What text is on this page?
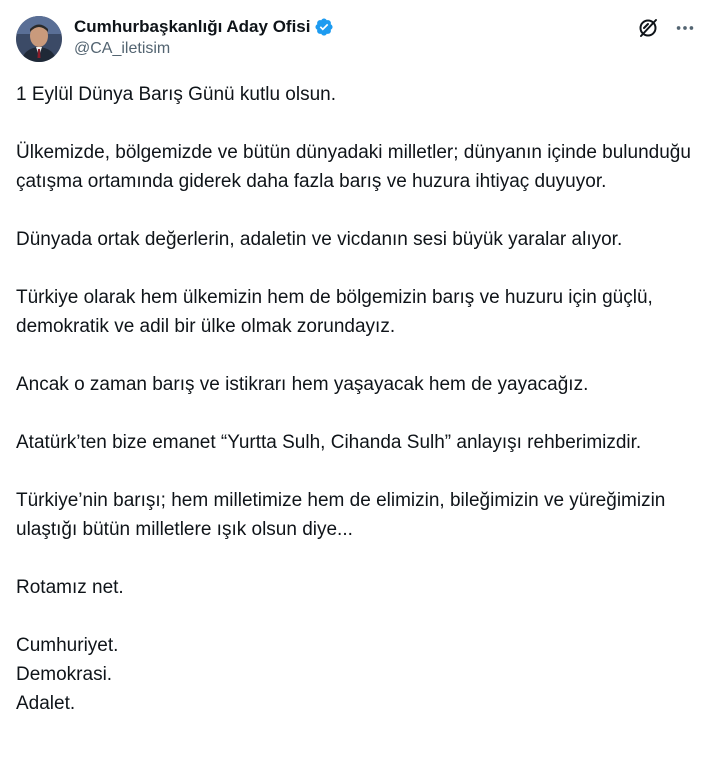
Cumhurbaşkanlığı Aday Ofisi
@CA_iletisim

1 Eylül Dünya Barış Günü kutlu olsun.

Ülkemizde, bölgemizde ve bütün dünyadaki milletler; dünyanın içinde bulunduğu çatışma ortamında giderek daha fazla barış ve huzura ihtiyaç duyuyor.

Dünyada ortak değerlerin, adaletin ve vicdanın sesi büyük yaralar alıyor.

Türkiye olarak hem ülkemizin hem de bölgemizin barış ve huzuru için güçlü, demokratik ve adil bir ülke olmak zorundayız.

Ancak o zaman barış ve istikrarı hem yaşayacak hem de yayacağız.

Atatürk’ten bize emanet “Yurtta Sulh, Cihanda Sulh” anlayışı rehberimizdir.

Türkiye’nin barışı; hem milletimize hem de elimizin, bileğimizin ve yüreğimizin ulaştığı bütün milletlere ışık olsun diye...

Rotamız net.

Cumhuriyet.

Demokrasi.

Adalet.
